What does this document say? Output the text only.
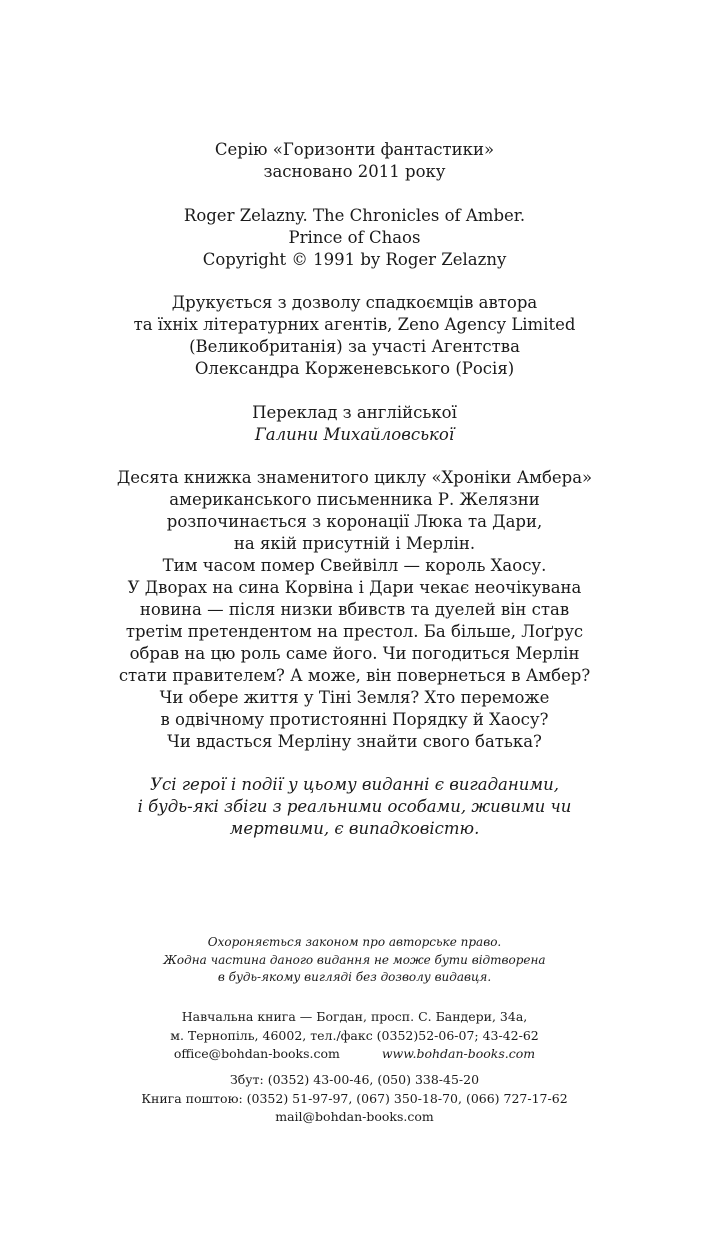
Серію «Горизонти фантастики»
засновано 2011 року
Roger Zelazny. The Chronicles of Amber.
Prince of Chaos
Copyright © 1991 by Roger Zelazny
Друкується з дозволу спадкоємців автора
та їхніх літературних агентів, Zeno Agency Limited
(Великобританія) за участі Агентства
Олександра Корженевського (Росія)
Переклад з англійської
Галини Михайловської
Десята книжка знаменитого циклу «Хроніки Амбера»
американського письменника Р. Желязни
розпочинається з коронації Люка та Дари,
на якій присутній і Мерлін.
Тим часом помер Свейвілл — король Хаосу.
У Дворах на сина Корвіна і Дари чекає неочікувана
новина — після низки вбивств та дуелей він став
третім претендентом на престол. Ба більше, Лоґрус
обрав на цю роль саме його. Чи погодиться Мерлін
стати правителем? А може, він повернеться в Амбер?
Чи обере життя у Тіні Земля? Хто переможе
в одвічному протистоянні Порядку й Хаосу?
Чи вдасться Мерліну знайти свого батька?
Усі герої і події у цьому виданні є вигаданими,
і будь-які збіги з реальними особами, живими чи
мертвими, є випадковістю.
Охороняється законом про авторське право.
Жодна частина даного видання не може бути відтворена
в будь-якому вигляді без дозволу видавця.
Навчальна книга — Богдан, просп. С. Бандери, 34а,
м. Тернопіль, 46002, тел./факс (0352)52-06-07; 43-42-62
office@bohdan-books.com	www.bohdan-books.com
Збут: (0352) 43-00-46, (050) 338-45-20
Книга поштою: (0352) 51-97-97, (067) 350-18-70, (066) 727-17-62
mail@bohdan-books.com
